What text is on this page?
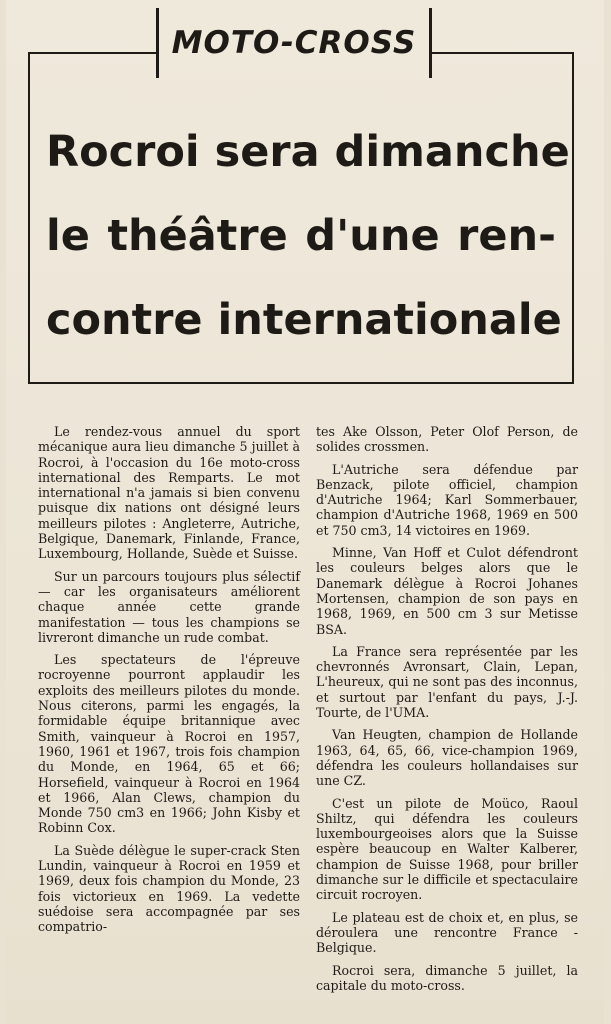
MOTO-CROSS
Rocroi sera dimanche
le théâtre d'une ren-
contre internationale

Le rendez-vous annuel du sport mécanique aura lieu dimanche 5 juillet à Rocroi, à l'occasion du 16e moto-cross international des Remparts. Le mot international n'a jamais si bien convenu puisque dix nations ont désigné leurs meilleurs pilotes : Angleterre, Autriche, Belgique, Danemark, Finlande, France, Luxembourg, Hollande, Suède et Suisse.

Sur un parcours toujours plus sélectif — car les organisateurs améliorent chaque année cette grande manifestation — tous les champions se livreront dimanche un rude combat.

Les spectateurs de l'épreuve rocroyenne pourront applaudir les exploits des meilleurs pilotes du monde. Nous citerons, parmi les engagés, la formidable équipe britannique avec Smith, vainqueur à Rocroi en 1957, 1960, 1961 et 1967, trois fois champion du Monde, en 1964, 65 et 66; Horsefield, vainqueur à Rocroi en 1964 et 1966, Alan Clews, champion du Monde 750 cm3 en 1966; John Kisby et Robinn Cox.

La Suède délègue le super-crack Sten Lundin, vainqueur à Rocroi en 1959 et 1969, deux fois champion du Monde, 23 fois victorieux en 1969. La vedette suédoise sera accompagnée par ses compatrio-

tes Ake Olsson, Peter Olof Person, de solides crossmen.

L'Autriche sera défendue par Benzack, pilote officiel, champion d'Autriche 1964; Karl Sommerbauer, champion d'Autriche 1968, 1969 en 500 et 750 cm3, 14 victoires en 1969.

Minne, Van Hoff et Culot défendront les couleurs belges alors que le Danemark délègue à Rocroi Johanes Mortensen, champion de son pays en 1968, 1969, en 500 cm 3 sur Metisse BSA.

La France sera représentée par les chevronnés Avronsart, Clain, Lepan, L'heureux, qui ne sont pas des inconnus, et surtout par l'enfant du pays, J.-J. Tourte, de l'UMA.

Van Heugten, champion de Hollande 1963, 64, 65, 66, vice-champion 1969, défendra les couleurs hollandaises sur une CZ.

C'est un pilote de Moüco, Raoul Shiltz, qui défendra les couleurs luxembourgeoises alors que la Suisse espère beaucoup en Walter Kalberer, champion de Suisse 1968, pour briller dimanche sur le difficile et spectaculaire circuit rocroyen.

Le plateau est de choix et, en plus, se déroulera une rencontre France - Belgique.

Rocroi sera, dimanche 5 juillet, la capitale du moto-cross.
